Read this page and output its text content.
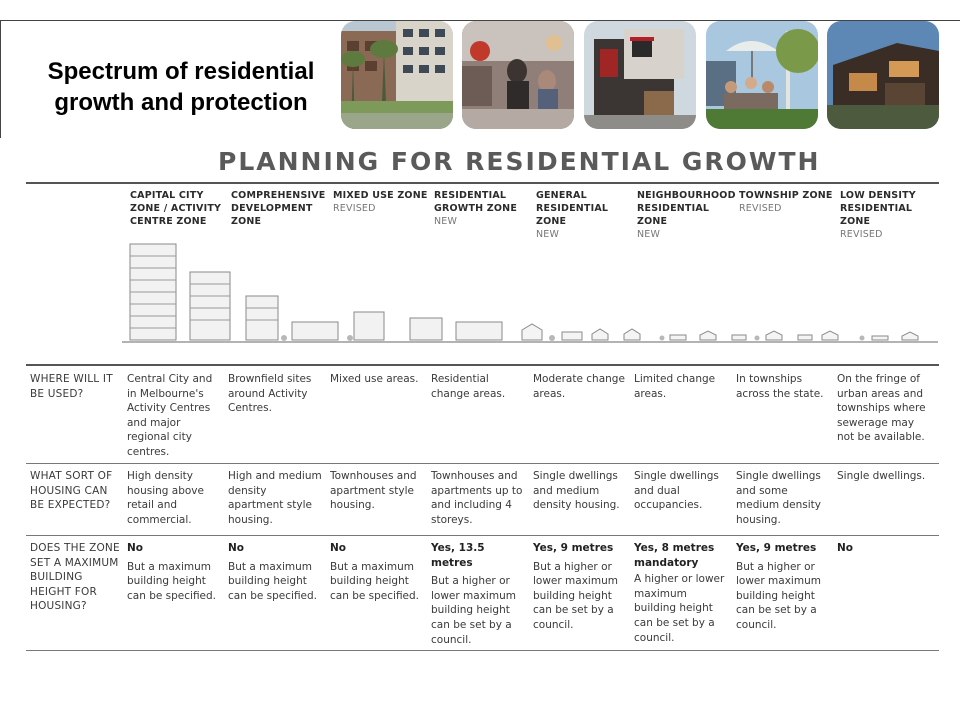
Spectrum of residential
growth and protection
PLANNING FOR RESIDENTIAL GROWTH
CAPITAL CITY ZONE / ACTIVITY CENTRE ZONE
COMPREHENSIVE DEVELOPMENT ZONE
MIXED USE ZONE
REVISED
RESIDENTIAL GROWTH ZONE
NEW
GENERAL RESIDENTIAL ZONE
NEW
NEIGHBOURHOOD RESIDENTIAL ZONE
NEW
TOWNSHIP ZONE
REVISED
LOW DENSITY RESIDENTIAL ZONE
REVISED
WHERE WILL IT BE USED?
Central City and in Melbourne's Activity Centres and major regional city centres.
Brownfield sites around Activity Centres.
Mixed use areas.	Residential change areas.
Moderate change areas.
Limited change areas.
In townships across the state.
On the fringe of urban areas and townships where sewerage may not be available.
WHAT SORT OF HOUSING CAN BE EXPECTED?
High density housing above retail and commercial.
High and medium density apartment style housing.
Townhouses and apartment style housing.
Townhouses and apartments up to and including 4 storeys.
Single dwellings and medium density housing.
Single dwellings and dual occupancies.
Single dwellings and some medium density housing.
Single dwellings.
DOES THE ZONE SET A MAXIMUM BUILDING HEIGHT FOR HOUSING?
No
But a maximum building height can be specified.
No
But a maximum building height can be specified.
No
But a maximum building height can be specified.
Yes, 13.5 metres
But a higher or lower maximum building height can be set by a council.
Yes, 9 metres
But a higher or lower maximum building height can be set by a council.
Yes, 8 metres mandatory
A higher or lower maximum building height can be set by a council.
Yes, 9 metres
But a higher or lower maximum building height can be set by a council.
No
